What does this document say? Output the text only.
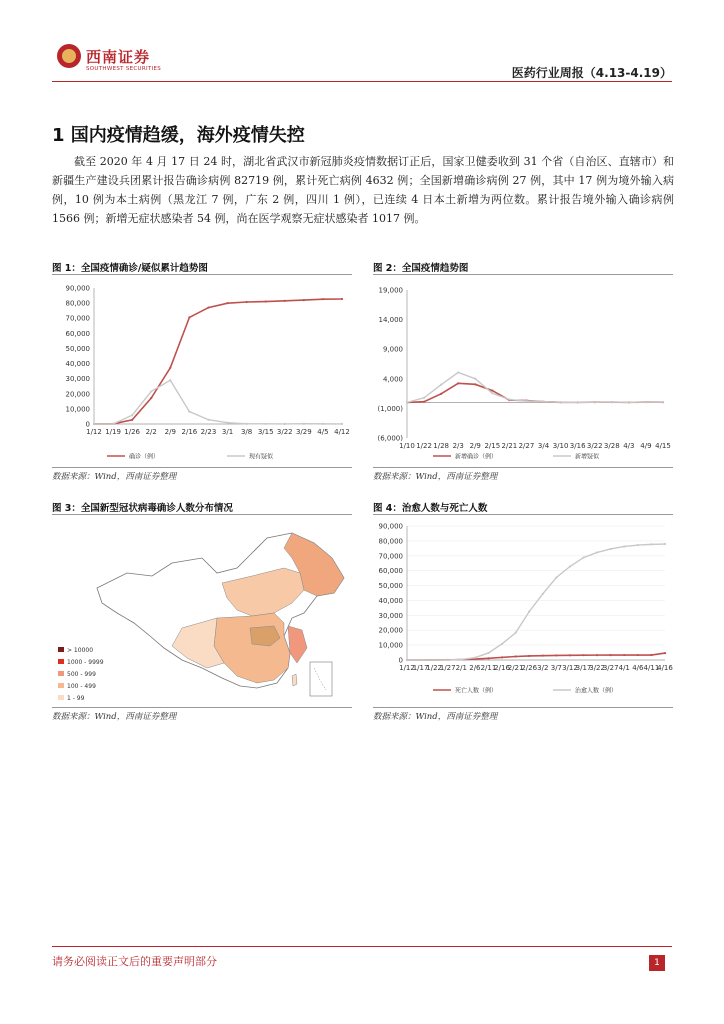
西南证券
SOUTHWEST SECURITIES	医药行业周报（4.13-4.19）
1 国内疫情趋缓，海外疫情失控
截至 2020 年 4 月 17 日 24 时，湖北省武汉市新冠肺炎疫情数据订正后，国家卫健委收到 31 个省（自治区、直辖市）和新疆生产建设兵团累计报告确诊病例 82719 例，累计死亡病例 4632 例；全国新增确诊病例 27 例，其中 17 例为境外输入病例，10 例为本土病例（黑龙江 7 例，广东 2 例，四川 1 例），已连续 4 日本土新增为两位数。累计报告境外输入确诊病例 1566 例；新增无症状感染者 54 例，尚在医学观察无症状感染者 1017 例。
图 1：全国疫情确诊/疑似累计趋势图	图 2：全国疫情趋势图
0
10,000
20,000
30,000
40,000
50,000
60,000
70,000
80,000
90,000
1/12 1/19 1/26 2/2 2/9 2/16 2/23 3/1 3/8 3/15 3/22 3/29 4/5 4/12
确诊（例）	现有疑似
(6,000)
(1,000)
4,000
9,000
14,000
19,000
1/10 1/22 1/28 2/3 2/9 2/15 2/21 2/27 3/4 3/10 3/16 3/22 3/28 4/3 4/9 4/15
新增确诊（例）	新增疑似
数据来源：Wind，西南证券整理	数据来源：Wind，西南证券整理
图 3：全国新型冠状病毒确诊人数分布情况	图 4：治愈人数与死亡人数
> 10000
1000 - 9999
500 - 999
100 - 499
1 - 99
0
10,000
20,000
30,000
40,000
50,000
60,000
70,000
80,000
90,000
1/12
1/17
1/22
1/27 2/1 2/6 2/11
2/16
2/21
2/26 3/2 3/7 3/12
3/17
3/22
3/27 4/1 4/6 4/11
4/16
死亡人数（例）	治愈人数（例）
数据来源：Wind，西南证券整理	数据来源：Wind，西南证券整理
请务必阅读正文后的重要声明部分	1
